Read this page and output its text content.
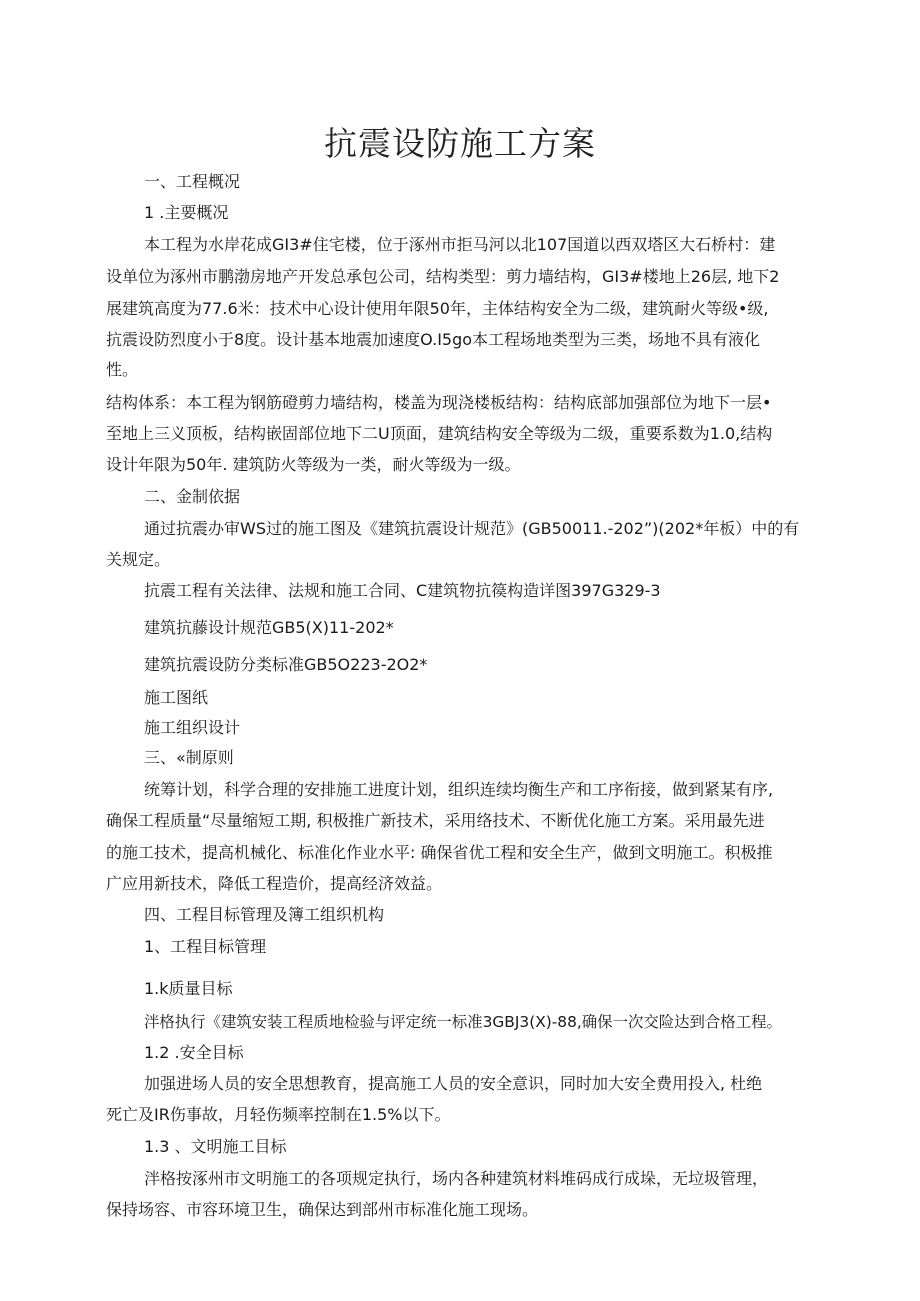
抗震设防施工方案
一、工程概况
1 .主要概况
本工程为水岸花成GI3#住宅楼，位于涿州市拒马河以北107国道以西双塔区大石桥村：建
设单位为涿州市鹏渤房地产开发总承包公司，结构类型：剪力墙结构，GI3#楼地上26层, 地下2
展建筑高度为77.6米：技术中心设计使用年限50年，主体结构安全为二级，建筑耐火等级•级,
抗震设防烈度小于8度。设计基本地震加速度O.I5go本工程场地类型为三类，场地不具有液化
性。
结构体系：本工程为钢筋磴剪力墙结构，楼盖为现浇楼板结构：结构底部加强部位为地下一层•
至地上三义顶板，结构嵌固部位地下二U顶面，建筑结构安全等级为二级，重要系数为1.0,结构
设计年限为50年. 建筑防火等级为一类，耐火等级为一级。
二、金制依据
通过抗震办审WS过的施工图及《建筑抗震设计规范》(GB50011.-202”)(202*年板）中的有
关规定。
抗震工程有关法律、法规和施工合同、C建筑物抗篌构造详图397G329-3
建筑抗藤设计规范GB5(X)11-202*
建筑抗震设防分类标准GB5O223-2O2*
施工图纸
施工组织设计
三、«制原则
统筹计划，科学合理的安排施工进度计划，组织连续均衡生产和工序衔接，做到紧某有序,
确保工程质量“尽量缩短工期, 积极推广新技术，采用络技术、不断优化施工方案。采用最先进
的施工技术，提高机械化、标准化作业水平: 确保省优工程和安全生产，做到文明施工。积极推
广应用新技术，降低工程造价，提高经济效益。
四、工程目标管理及簿工组织机构
1、工程目标管理
1.k质量目标
泮格执行《建筑安装工程质地检验与评定统一标准3GBJ3(X)-88,确保一次交险达到合格工程。
1.2 .安全目标
加强进场人员的安全思想教育，提高施工人员的安全意识，同时加大安全费用投入, 杜绝
死亡及IR伤事故，月轻伤频率控制在1.5%以下。
1.3 、文明施工目标
泮格按涿州市文明施工的各项规定执行，场内各种建筑材料堆码成行成垛，无垃圾管理，
保持场容、市容环境卫生，确保达到部州市标准化施工现场。
